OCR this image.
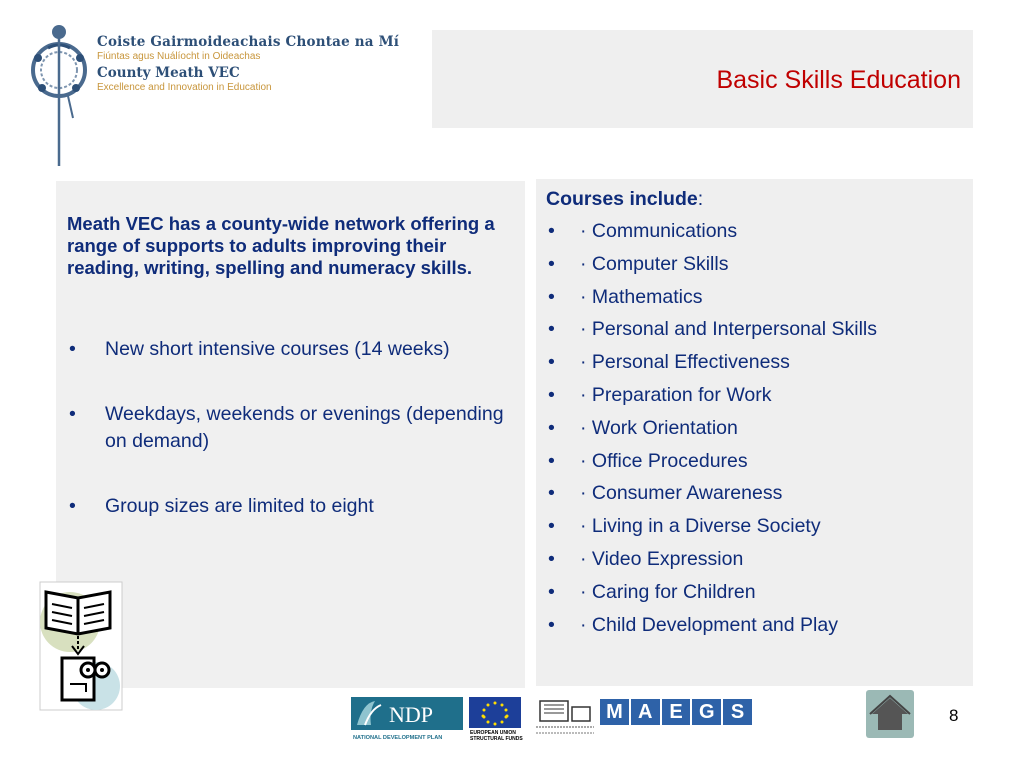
Coiste Gairmoideachais Chontae na Mí
Fiúntas agus Nuálíocht in Oideachas
County Meath VEC
Excellence and Innovation in Education	Basic Skills Education
Meath VEC has a county-wide network offering a range of supports to adults improving their reading, writing, spelling and numeracy skills.
• New short intensive courses (14 weeks)
• Weekdays, weekends or evenings (depending on demand)
• Group sizes are limited to eight
Courses include:
• · Communications
• · Computer Skills
• · Mathematics
• · Personal and Interpersonal Skills
• · Personal Effectiveness
• · Preparation for Work
• · Work Orientation
• · Office Procedures
• · Consumer Awareness
• · Living in a Diverse Society
• · Video Expression
• · Caring for Children
• · Child Development and Play
NDP
NATIONAL DEVELOPMENT PLAN
EUROPEAN UNION
STRUCTURAL FUNDS
M A E G S	8
